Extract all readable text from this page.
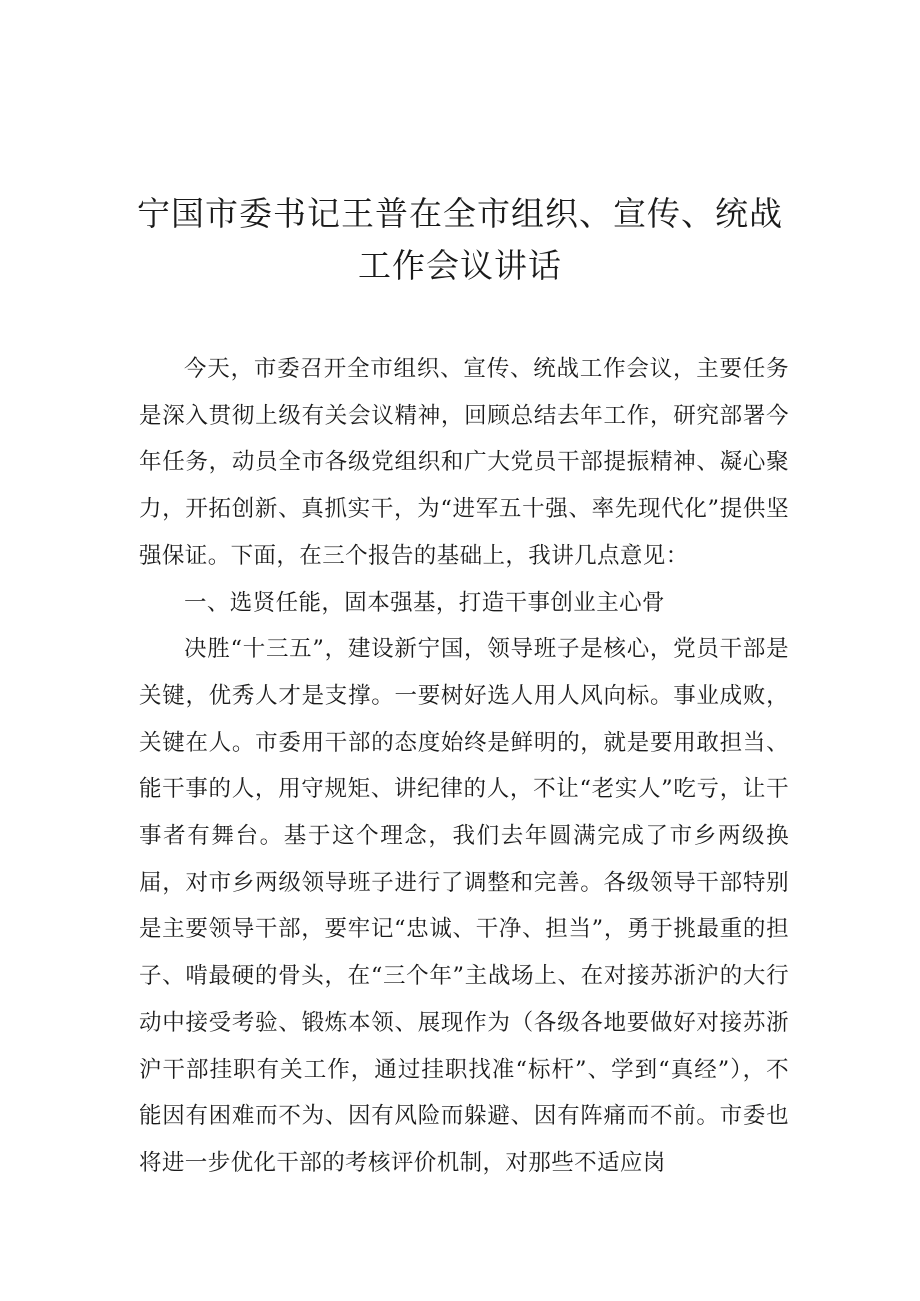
宁国市委书记王普在全市组织、宣传、统战
工作会议讲话

今天，市委召开全市组织、宣传、统战工作会议，主要任务是深入贯彻上级有关会议精神，回顾总结去年工作，研究部署今年任务，动员全市各级党组织和广大党员干部提振精神、凝心聚力，开拓创新、真抓实干，为“进军五十强、率先现代化”提供坚强保证。下面，在三个报告的基础上，我讲几点意见：

一、选贤任能，固本强基，打造干事创业主心骨

决胜“十三五”，建设新宁国，领导班子是核心，党员干部是关键，优秀人才是支撑。一要树好选人用人风向标。事业成败，关键在人。市委用干部的态度始终是鲜明的，就是要用敢担当、能干事的人，用守规矩、讲纪律的人，不让“老实人”吃亏，让干事者有舞台。基于这个理念，我们去年圆满完成了市乡两级换届，对市乡两级领导班子进行了调整和完善。各级领导干部特别是主要领导干部，要牢记“忠诚、干净、担当”，勇于挑最重的担子、啃最硬的骨头，在“三个年”主战场上、在对接苏浙沪的大行动中接受考验、锻炼本领、展现作为（各级各地要做好对接苏浙沪干部挂职有关工作，通过挂职找准“标杆”、学到“真经”），不能因有困难而不为、因有风险而躲避、因有阵痛而不前。市委也将进一步优化干部的考核评价机制，对那些不适应岗
